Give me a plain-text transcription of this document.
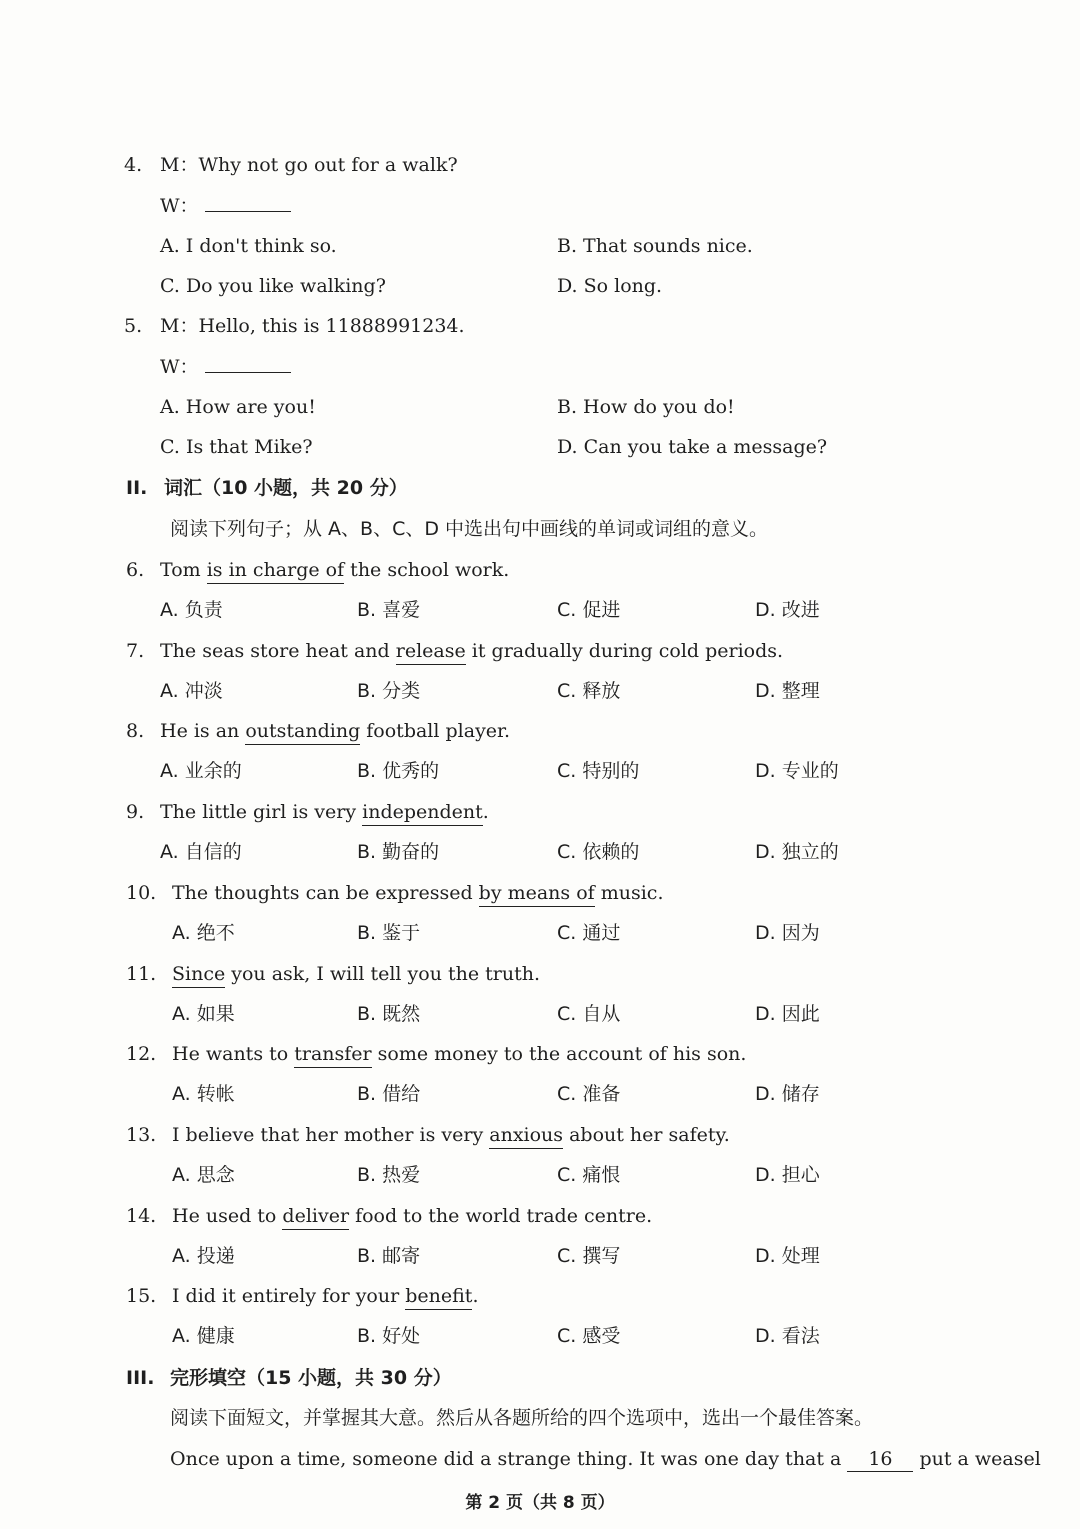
4. M：Why not go out for a walk?
W：
A. I don't think so.	B. That sounds nice.
C. Do you like walking?	D. So long.
5. M：Hello, this is 11888991234.
W：
A. How are you!	B. How do you do!
C. Is that Mike?	D. Can you take a message?
II. 词汇（10 小题，共 20 分）
阅读下列句子；从 A、B、C、D 中选出句中画线的单词或词组的意义。
6. Tom is in charge of the school work.
A. 负责	B. 喜爱	C. 促进	D. 改进
7. The seas store heat and release it gradually during cold periods.
A. 冲淡	B. 分类	C. 释放	D. 整理
8. He is an outstanding football player.
A. 业余的	B. 优秀的	C. 特别的	D. 专业的
9. The little girl is very independent.
A. 自信的	B. 勤奋的	C. 依赖的	D. 独立的
10. The thoughts can be expressed by means of music.
A. 绝不	B. 鉴于	C. 通过	D. 因为
11. Since you ask, I will tell you the truth.
A. 如果	B. 既然	C. 自从	D. 因此
12. He wants to transfer some money to the account of his son.
A. 转帐	B. 借给	C. 准备	D. 储存
13. I believe that her mother is very anxious about her safety.
A. 思念	B. 热爱	C. 痛恨	D. 担心
14. He used to deliver food to the world trade centre.
A. 投递	B. 邮寄	C. 撰写	D. 处理
15. I did it entirely for your benefit.
A. 健康	B. 好处	C. 感受	D. 看法
III. 完形填空（15 小题，共 30 分）
阅读下面短文，并掌握其大意。然后从各题所给的四个选项中，选出一个最佳答案。
Once upon a time, someone did a strange thing. It was one day that a 16 put a weasel
第 2 页（共 8 页）
